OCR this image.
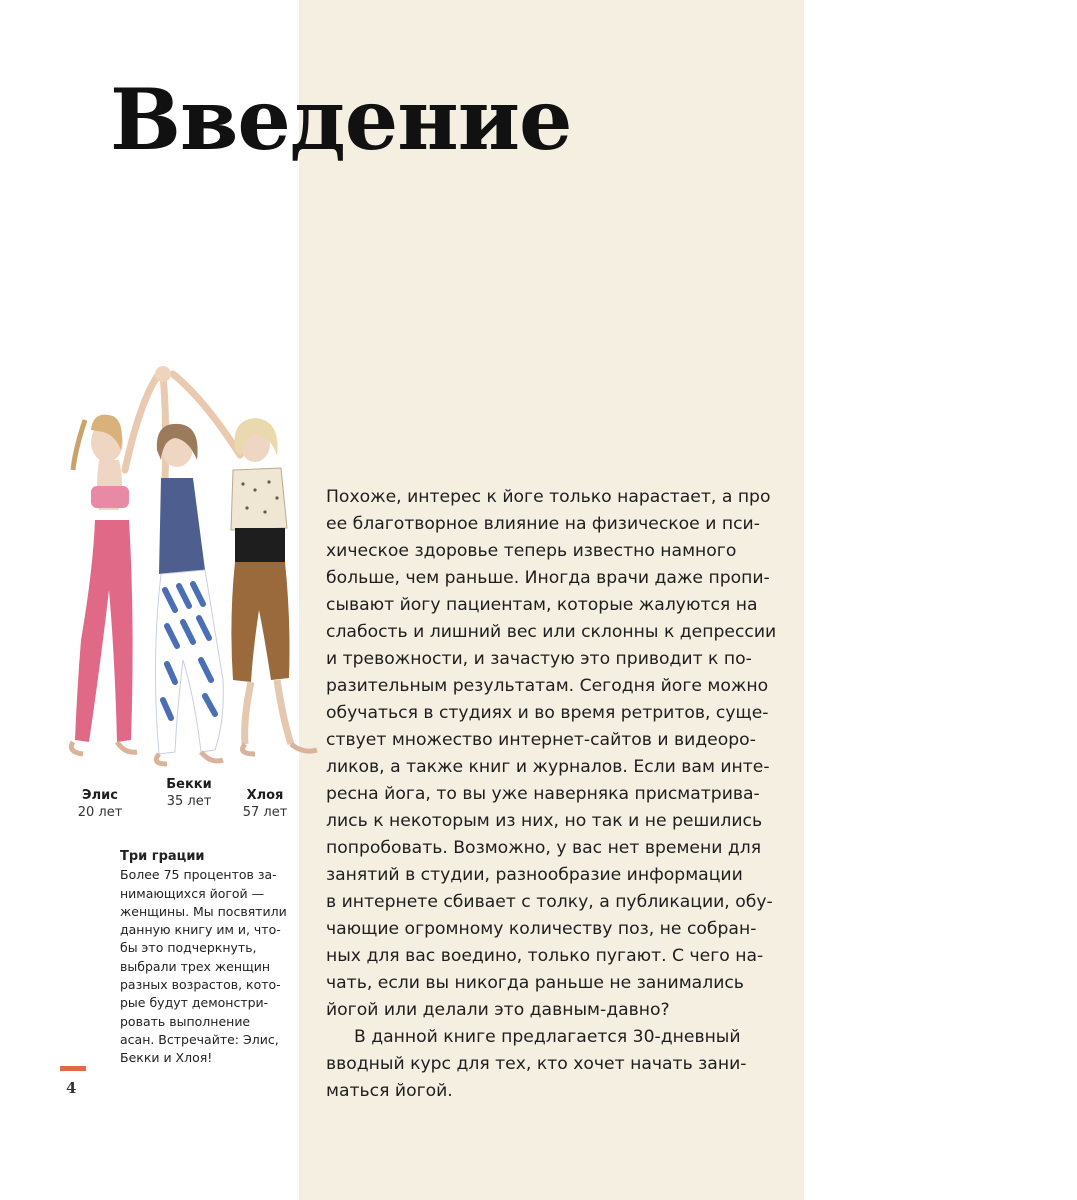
Введение
Элис
20 лет
Бекки
35 лет	Хлоя
57 лет
Три грации
Более 75 процентов за-
нимающихся йогой —
женщины. Мы посвятили
данную книгу им и, что-
бы это подчеркнуть,
выбрали трех женщин
разных возрастов, кото-
рые будут демонстри-
ровать выполнение
асан. Встречайте: Элис,
Бекки и Хлоя!
4
Похоже, интерес к йоге только нарастает, а про
ее благотворное влияние на физическое и пси-
хическое здоровье теперь известно намного
больше, чем раньше. Иногда врачи даже пропи-
сывают йогу пациентам, которые жалуются на
слабость и лишний вес или склонны к депрессии
и тревожности, и зачастую это приводит к по-
разительным результатам. Сегодня йоге можно
обучаться в студиях и во время ретритов, суще-
ствует множество интернет-сайтов и видеоро-
ликов, а также книг и журналов. Если вам инте-
ресна йога, то вы уже наверняка присматрива-
лись к некоторым из них, но так и не решились
попробовать. Возможно, у вас нет времени для
занятий в студии, разнообразие информации
в интернете сбивает с толку, а публикации, обу-
чающие огромному количеству поз, не собран-
ных для вас воедино, только пугают. С чего на-
чать, если вы никогда раньше не занимались
йогой или делали это давным-давно?
В данной книге предлагается 30-дневный
вводный курс для тех, кто хочет начать зани-
маться йогой.
